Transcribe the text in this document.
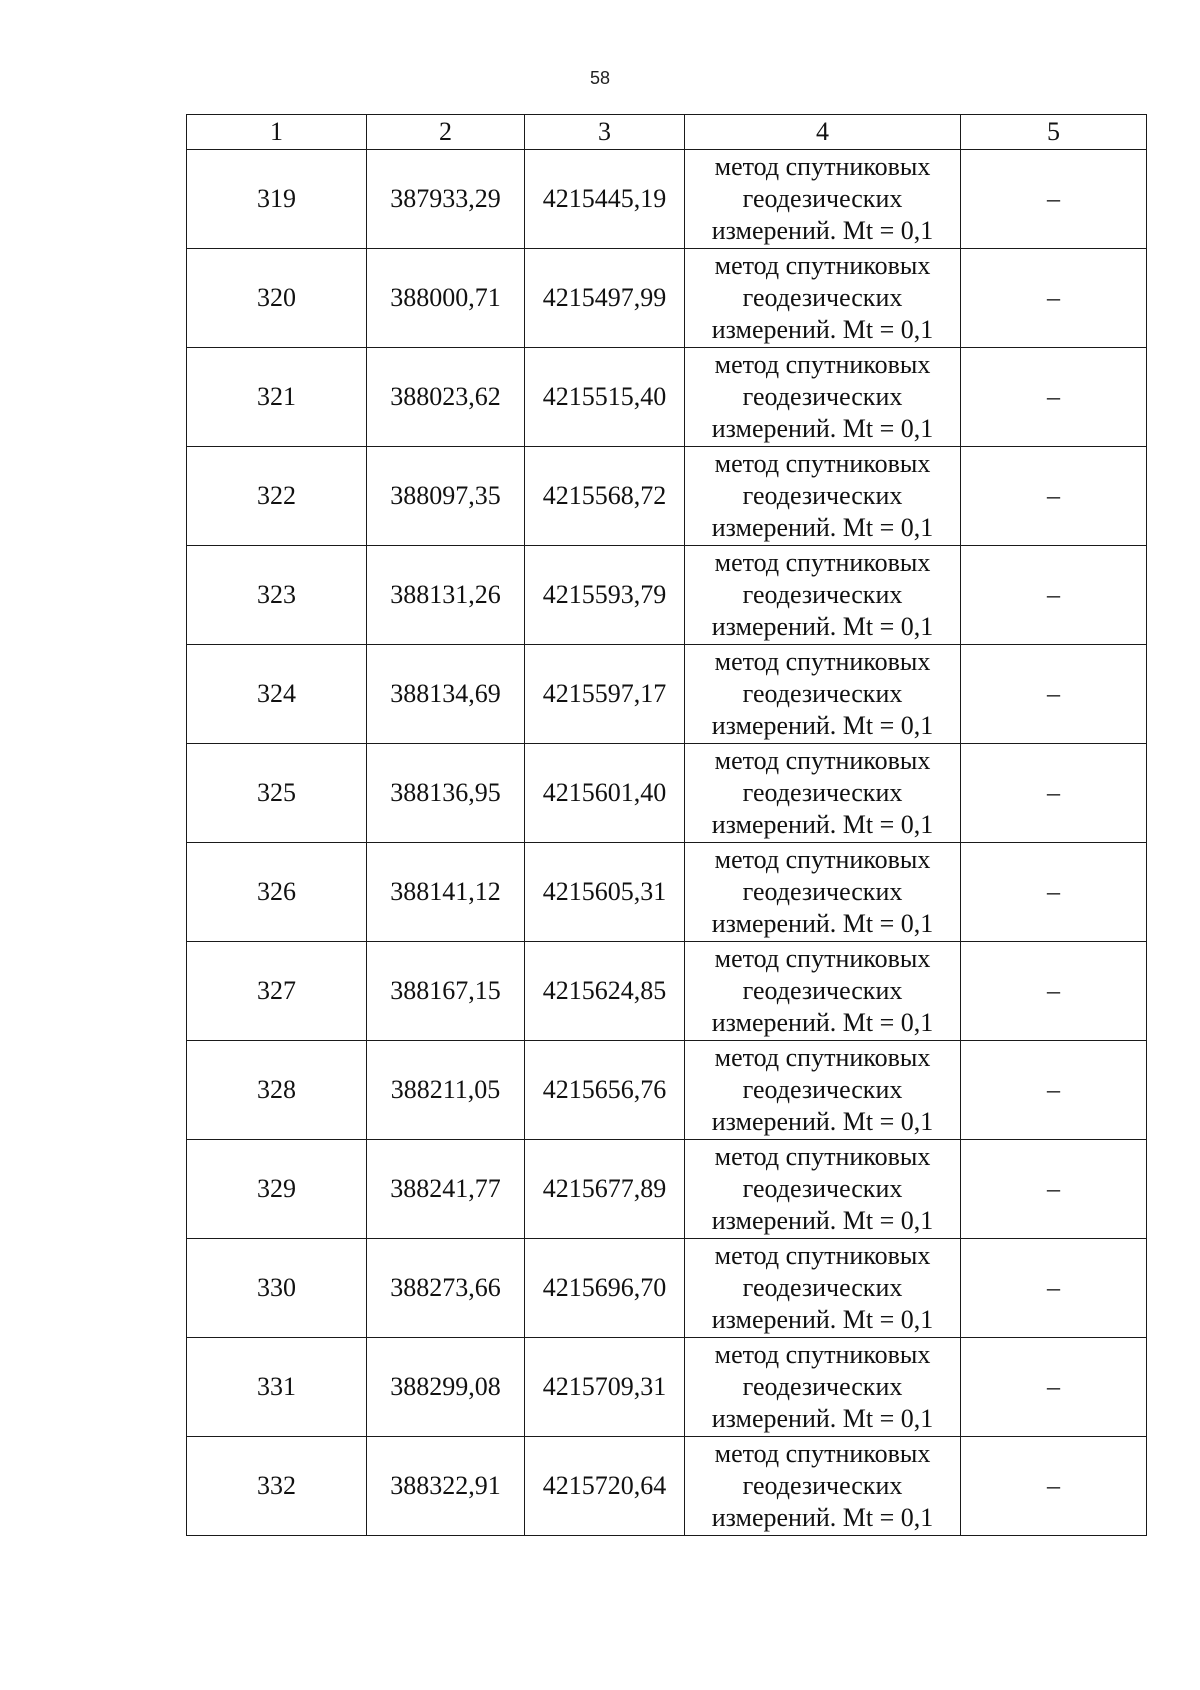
58
1	2	3	4	5
319	387933,29	4215445,19	метод спутниковых
геодезических
измерений. Mt = 0,1	–
320	388000,71	4215497,99	метод спутниковых
геодезических
измерений. Mt = 0,1	–
321	388023,62	4215515,40	метод спутниковых
геодезических
измерений. Mt = 0,1	–
322	388097,35	4215568,72	метод спутниковых
геодезических
измерений. Mt = 0,1	–
323	388131,26	4215593,79	метод спутниковых
геодезических
измерений. Mt = 0,1	–
324	388134,69	4215597,17	метод спутниковых
геодезических
измерений. Mt = 0,1	–
325	388136,95	4215601,40	метод спутниковых
геодезических
измерений. Mt = 0,1	–
326	388141,12	4215605,31	метод спутниковых
геодезических
измерений. Mt = 0,1	–
327	388167,15	4215624,85	метод спутниковых
геодезических
измерений. Mt = 0,1	–
328	388211,05	4215656,76	метод спутниковых
геодезических
измерений. Mt = 0,1	–
329	388241,77	4215677,89	метод спутниковых
геодезических
измерений. Mt = 0,1	–
330	388273,66	4215696,70	метод спутниковых
геодезических
измерений. Mt = 0,1	–
331	388299,08	4215709,31	метод спутниковых
геодезических
измерений. Mt = 0,1	–
332	388322,91	4215720,64	метод спутниковых
геодезических
измерений. Mt = 0,1	–
